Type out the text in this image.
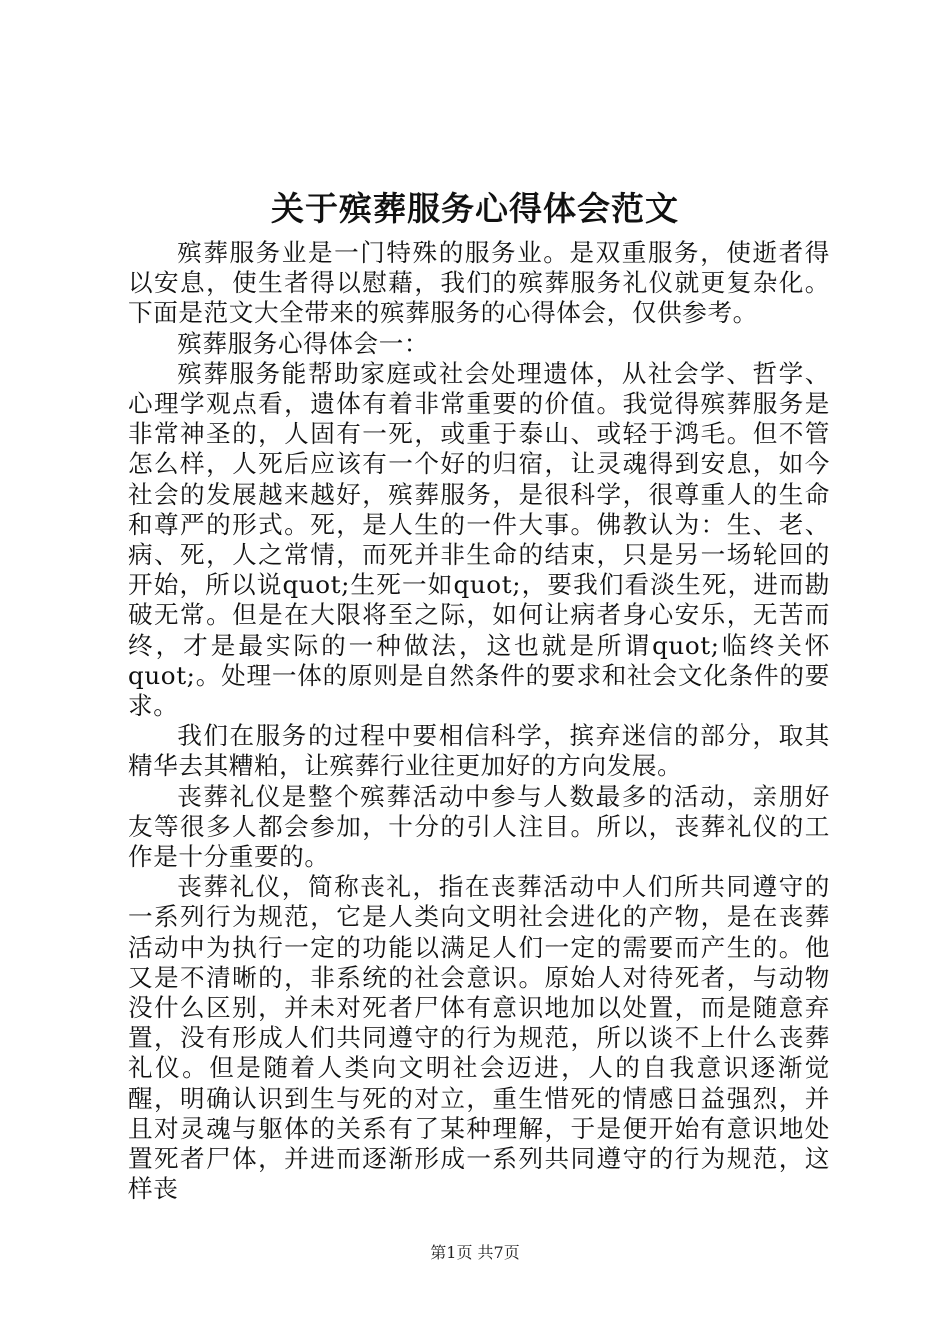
关于殡葬服务心得体会范文

殡葬服务业是一门特殊的服务业。是双重服务，使逝者得以安息，使生者得以慰藉，我们的殡葬服务礼仪就更复杂化。下面是范文大全带来的殡葬服务的心得体会，仅供参考。

殡葬服务心得体会一：

殡葬服务能帮助家庭或社会处理遗体，从社会学、哲学、心理学观点看，遗体有着非常重要的价值。我觉得殡葬服务是非常神圣的，人固有一死，或重于泰山、或轻于鸿毛。但不管怎么样，人死后应该有一个好的归宿，让灵魂得到安息，如今社会的发展越来越好，殡葬服务，是很科学，很尊重人的生命和尊严的形式。死，是人生的一件大事。佛教认为：生、老、病、死，人之常情，而死并非生命的结束，只是另一场轮回的开始，所以说quot;生死一如quot;，要我们看淡生死，进而勘破无常。但是在大限将至之际，如何让病者身心安乐，无苦而终，才是最实际的一种做法，这也就是所谓quot;临终关怀quot;。处理一体的原则是自然条件的要求和社会文化条件的要求。

我们在服务的过程中要相信科学，摈弃迷信的部分，取其精华去其糟粕，让殡葬行业往更加好的方向发展。

丧葬礼仪是整个殡葬活动中参与人数最多的活动，亲朋好友等很多人都会参加，十分的引人注目。所以，丧葬礼仪的工作是十分重要的。

丧葬礼仪，简称丧礼，指在丧葬活动中人们所共同遵守的一系列行为规范，它是人类向文明社会进化的产物，是在丧葬活动中为执行一定的功能以满足人们一定的需要而产生的。他又是不清晰的，非系统的社会意识。原始人对待死者，与动物没什么区别，并未对死者尸体有意识地加以处置，而是随意弃置，没有形成人们共同遵守的行为规范，所以谈不上什么丧葬礼仪。但是随着人类向文明社会迈进，人的自我意识逐渐觉醒，明确认识到生与死的对立，重生惜死的情感日益强烈，并且对灵魂与躯体的关系有了某种理解，于是便开始有意识地处置死者尸体，并进而逐渐形成一系列共同遵守的行为规范，这样丧

第1页 共7页
